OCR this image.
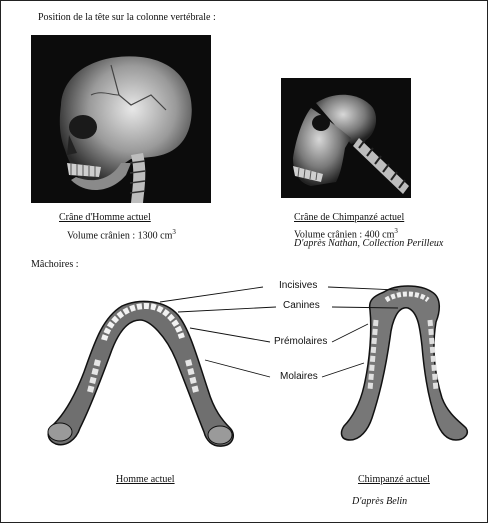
Position de la tête sur la colonne vertébrale :
Crâne d'Homme actuel
Volume crânien : 1300 $cm^3$
Crâne de Chimpanzé actuel
Volume crânien : 400 $cm^3$
D'après Nathan, Collection Perilleux
Mâchoires :
Incisives
Canines
Prémolaires
Molaires
Homme actuel	Chimpanzé actuel
D'après Belin
